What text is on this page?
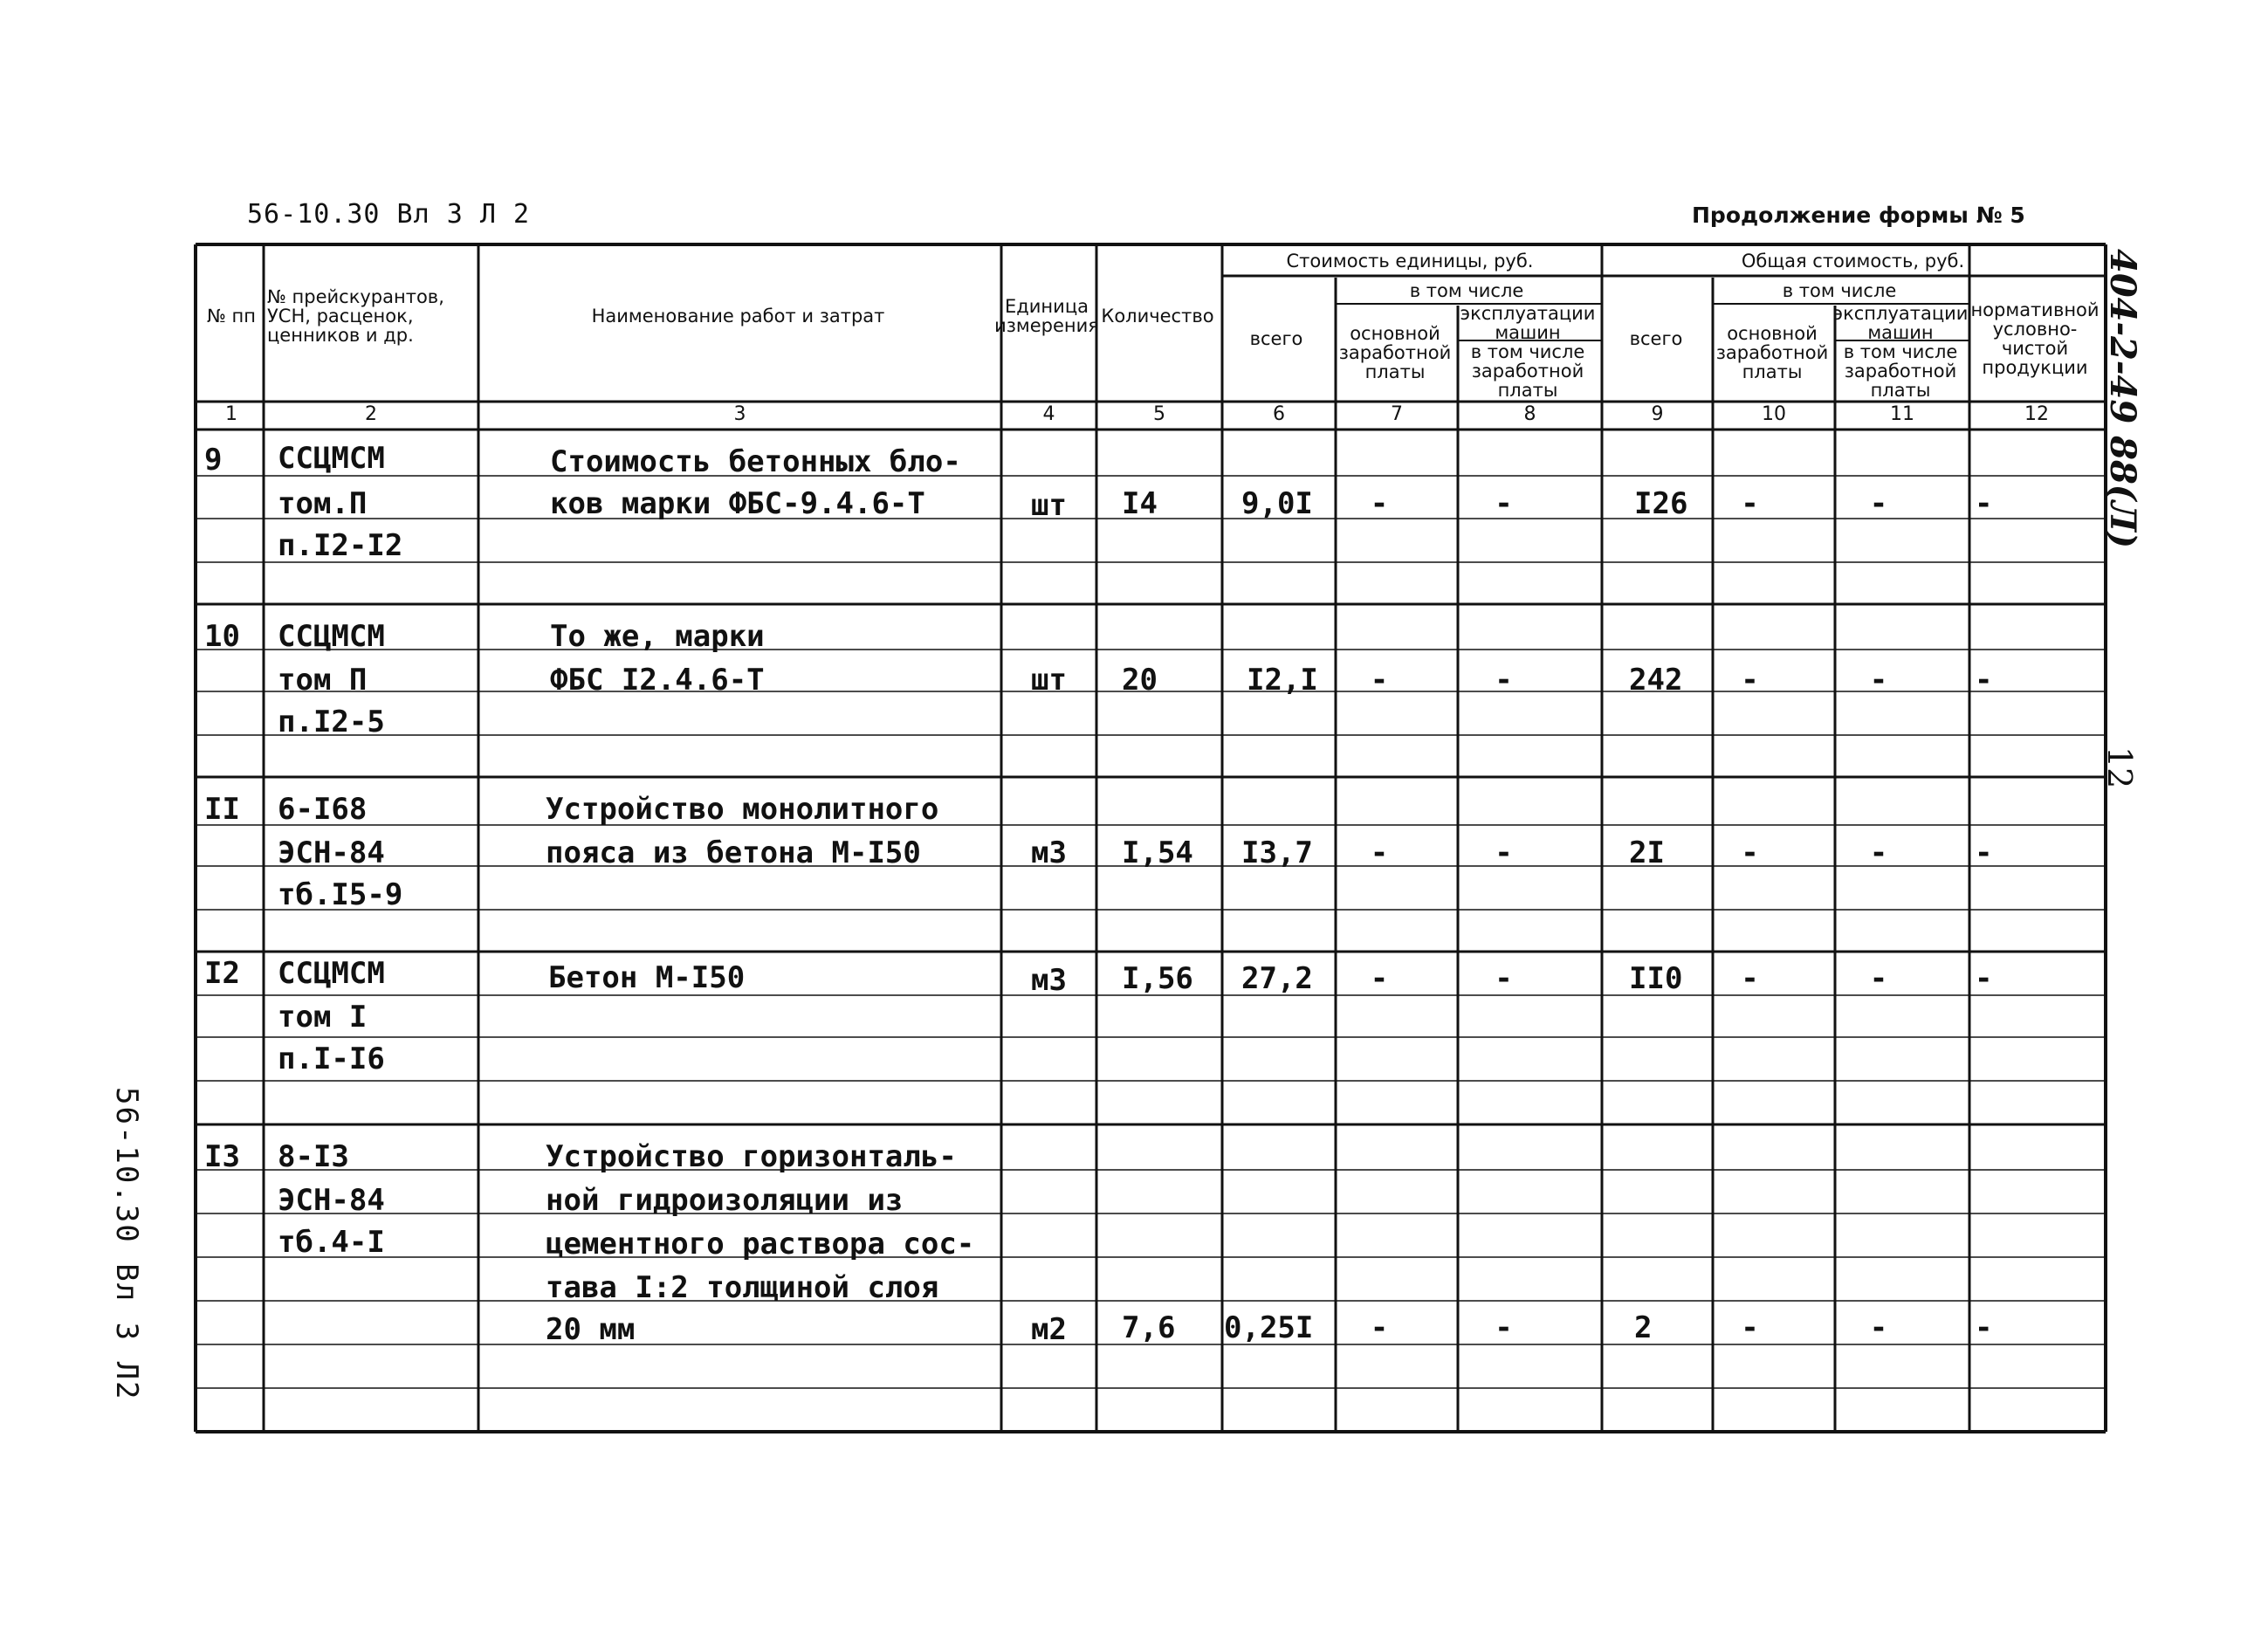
56-10.30 Вл 3 Л 2	Продолжение формы № 5
404-2-49 88(Л)
12
56-10.30 Вл 3 Л2
№ пп
№ прейскурантов, УСН, расценок, ценников и др.
Наименование работ и затрат	Единица измерения Количество
Стоимость единицы, руб.
всего
в том числе
основной заработной платы
эксплуатации машин
в том числе заработной платы
Общая стоимость, руб.
всего
в том числе
основной заработной платы
эксплуатации машин
в том числе заработной платы
нормативной условно-чистой продукции
1	2	3	4	5	6	7	8	9	10	11	12
9 ССЦМСМ
том.П
п.I2-I2
Стоимость бетонных бло-
ков марки ФБС-9.4.6-Т	шт	I4	9,0I	-	-	I26	-	-	-
10 ССЦМСМ
том П
п.I2-5
То же, марки
ФБС I2.4.6-Т	шт	20	I2,I	-	-	242	-	-	-
II 6-I68
ЭСН-84
тб.I5-9
Устройство монолитного
пояса из бетона М-I50	м3	I,54 I3,7	-	-	2I	-	-	-
I2 ССЦМСМ
том I
п.I-I6
Бетон М-I50	м3	I,56 27,2	-	-	II0	-	-	-
I3 8-I3
ЭСН-84
тб.4-I
Устройство горизонталь-
ной гидроизоляции из
цементного раствора сос-
тава I:2 толщиной слоя
20 мм	м2	7,6 0,25I	-	-	2	-	-	-
